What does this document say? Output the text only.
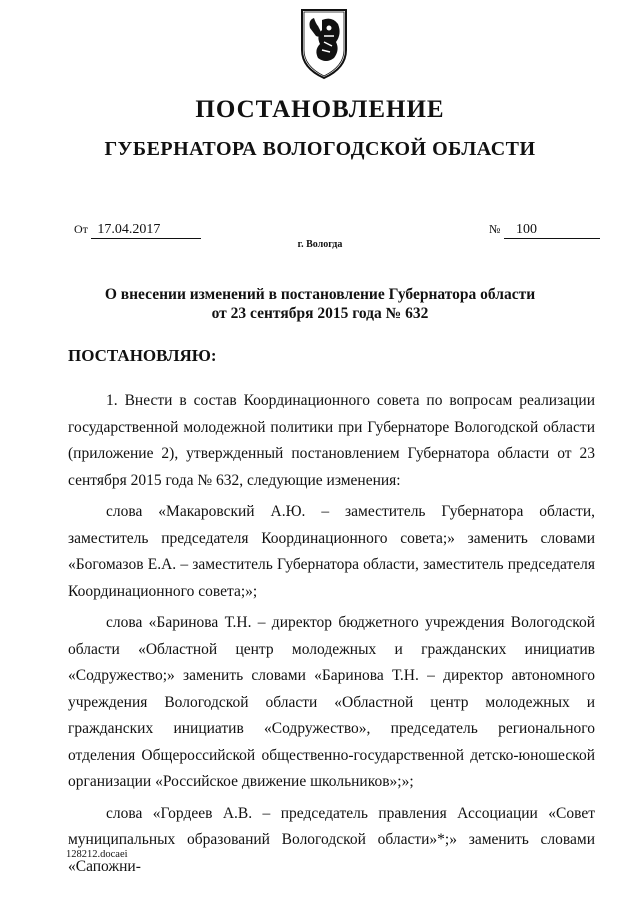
ПОСТАНОВЛЕНИЕ
ГУБЕРНАТОРА ВОЛОГОДСКОЙ ОБЛАСТИ
От 17.04.2017	№ 100
г. Вологда
О внесении изменений в постановление Губернатора области
от 23 сентября 2015 года № 632
ПОСТАНОВЛЯЮ:

1. Внести в состав Координационного совета по вопросам реализации государственной молодежной политики при Губернаторе Вологодской области (приложение 2), утвержденный постановлением Губернатора области от 23 сентября 2015 года № 632, следующие изменения:

слова «Макаровский А.Ю. – заместитель Губернатора области, заместитель председателя Координационного совета;» заменить словами «Богомазов Е.А. – заместитель Губернатора области, заместитель председателя Координационного совета;»;

слова «Баринова Т.Н. – директор бюджетного учреждения Вологодской области «Областной центр молодежных и гражданских инициатив «Содружество;» заменить словами «Баринова Т.Н. – директор автономного учреждения Вологодской области «Областной центр молодежных и гражданских инициатив «Содружество», председатель регионального отделения Общероссийской общественно-государственной детско-юношеской организации «Российское движение школьников»;»;

слова «Гордеев А.В. – председатель правления Ассоциации «Совет муниципальных образований Вологодской области»*;» заменить словами «Сапожни-

128212.docaei
